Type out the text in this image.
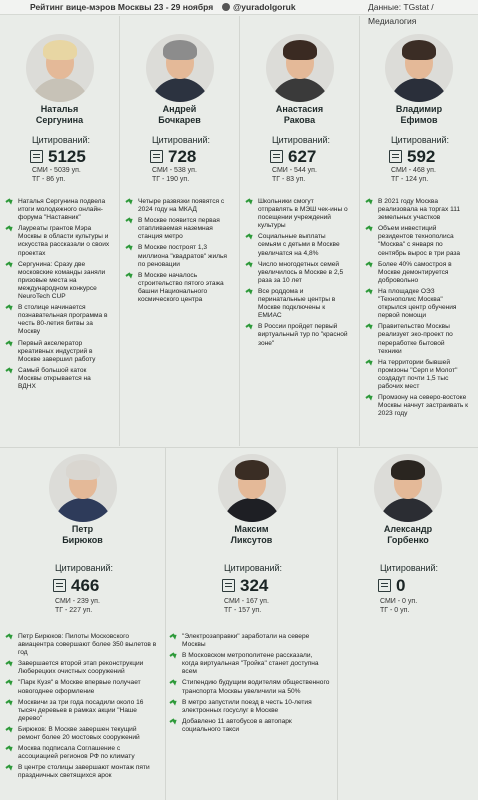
Рейтинг вице-мэров Москвы 23 - 29 ноября @yuradolgoruk	Данные: TGstat / Медиалогия
Наталья
Сергунина
Цитирований:
5125
СМИ - 5039 уп.
ТГ - 86 уп.
Наталья Сергунина подвела итоги молодежного онлайн-форума "Наставник"
Лауреаты грантов Мэра Москвы в области культуры и искусства рассказали о своих проектах
Сергунина: Сразу две московские команды заняли призовые места на международном конкурсе NeuroTech CUP
В столице начинается познавательная программа в честь 80-летия битвы за Москву
Первый акселератор креативных индустрий в Москве завершил работу
Самый большой каток Москвы открывается на ВДНХ
Андрей
Бочкарев
Цитирований:
728
СМИ - 538 уп.
ТГ - 190 уп.
Четыре развязки появятся с 2024 году на МКАД
В Москве появится первая отапливаемая наземная станция метро
В Москве построят 1,3 миллиона "квадратов" жилья по реновации
В Москве началось строительство пятого этажа башни Национального космического центра
Анастасия
Ракова
Цитирований:
627
СМИ - 544 уп.
ТГ - 83 уп.
Школьники смогут отправлять в МЭШ чек-ины о посещении учреждений культуры
Социальные выплаты семьям с детьми в Москве увеличатся на 4,8%
Число многодетных семей увеличилось в Москве в 2,5 раза за 10 лет
Все роддома и перинатальные центры в Москве подключены к ЕМИАС
В России пройдет первый виртуальный тур по "красной зоне"
Владимир
Ефимов
Цитирований:
592
СМИ - 468 уп.
ТГ - 124 уп.
В 2021 году Москва реализовала на торгах 111 земельных участков
Объем инвестиций резидентов технополиса "Москва" с января по сентябрь вырос в три раза
Более 40% самостроя в Москве демонтируется добровольно
На площадке ОЭЗ "Технополис Москва" открылся центр обучения первой помощи
Правительство Москвы реализует эко-проект по переработке бытовой техники
На территории бывшей промзоны "Серп и Молот" создадут почти 1,5 тыс рабочих мест
Промзону на северо-востоке Москвы начнут застраивать к 2023 году
Петр
Бирюков
Цитирований:
466
СМИ - 239 уп.
ТГ - 227 уп.
Петр Бирюков: Пилоты Московского авиацентра совершают более 350 вылетов в год
Завершается второй этап реконструкции Люберецких очистных сооружений
"Парк Кузя" в Москве впервые получает новогоднее оформление
Москвичи за три года посадили около 16 тысяч деревьев в рамках акции "Наше дерево"
Бирюков: В Москве завершен текущий ремонт более 20 мостовых сооружений
Москва подписала Соглашение с ассоциацией регионов РФ по климату
В центре столицы завершают монтаж пяти праздничных светящихся арок
Максим
Ликсутов
Цитирований:
324
СМИ - 167 уп.
ТГ - 157 уп.
"Электрозаправки" заработали на севере Москвы
В Московском метрополитене рассказали, когда виртуальная "Тройка" станет доступна всем
Стипендию будущим водителям общественного транспорта Москвы увеличили на 50%
В метро запустили поезд в честь 10-летия электронных госуслуг в Москве
Добавлено 11 автобусов в автопарк социального такси
Александр
Горбенко
Цитирований:
0
СМИ - 0 уп.
ТГ - 0 уп.
